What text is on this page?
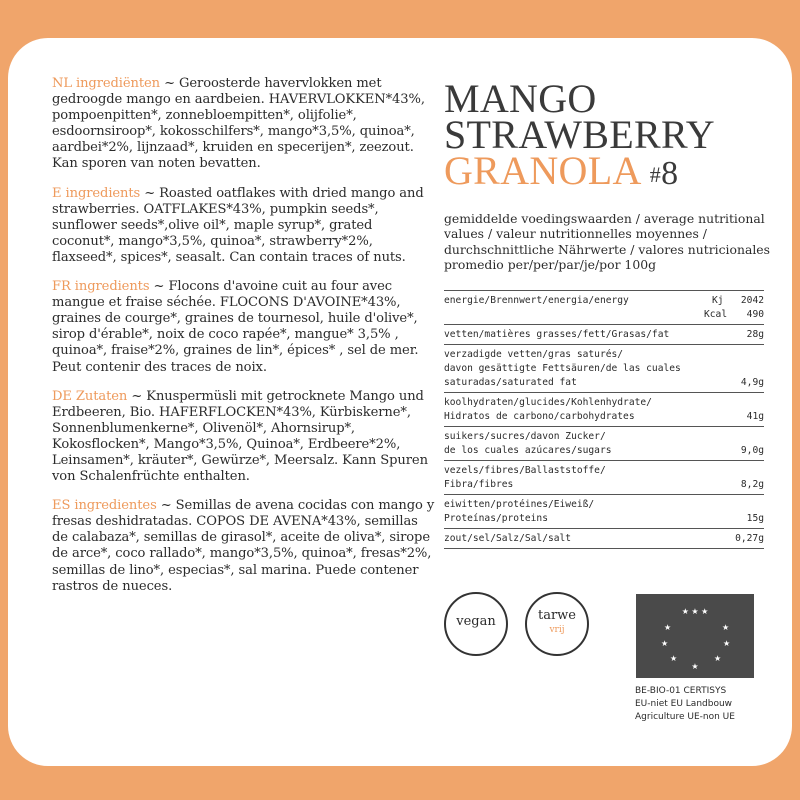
NL ingrediënten ~ Geroosterde havervlokken met gedroogde mango en aardbeien. HAVERVLOKKEN*43%, pompoenpitten*, zonnebloempitten*, olijfolie*, esdoornsiroop*, kokosschilfers*, mango*3,5%, quinoa*, aardbei*2%, lijnzaad*, kruiden en specerijen*, zeezout. Kan sporen van noten bevatten.

E ingredients ~ Roasted oatflakes with dried mango and strawberries. OATFLAKES*43%, pumpkin seeds*, sunflower seeds*,olive oil*, maple syrup*, grated coconut*, mango*3,5%, quinoa*, strawberry*2%, flaxseed*, spices*, seasalt. Can contain traces of nuts.

FR ingredients ~ Flocons d'avoine cuit au four avec mangue et fraise séchée. FLOCONS D'AVOINE*43%, graines de courge*, graines de tournesol, huile d'olive*, sirop d'érable*, noix de coco rapée*, mangue* 3,5% , quinoa*, fraise*2%, graines de lin*, épices* , sel de mer. Peut contenir des traces de noix.

DE Zutaten ~ Knuspermüsli mit getrocknete Mango und Erdbeeren, Bio. HAFERFLOCKEN*43%, Kürbiskerne*, Sonnenblumenkerne*, Olivenöl*, Ahornsirup*, Kokosflocken*, Mango*3,5%, Quinoa*, Erdbeere*2%, Leinsamen*, kräuter*, Gewürze*, Meersalz. Kann Spuren von Schalenfrüchte enthalten.

ES ingredientes ~ Semillas de avena cocidas con mango y fresas deshidratadas. COPOS DE AVENA*43%, semillas de calabaza*, semillas de girasol*, aceite de oliva*, sirope de arce*, coco rallado*, mango*3,5%, quinoa*, fresas*2%, semillas de lino*, especias*, sal marina. Puede contener rastros de nueces.

MANGO
STRAWBERRY
GRANOLA #8
gemiddelde voedingswaarden / average nutritional values / valeur nutritionnelles moyennes / durchschnittliche Nährwerte / valores nutricionales promedio per/per/par/je/por 100g
energie/Brennwert/energia/energy	Kj 2042
Kcal 490
vetten/matières grasses/fett/Grasas/fat	28g
verzadigde vetten/gras saturés/
davon gesättigte Fettsäuren/de las cuales
saturadas/saturated fat	4,9g
koolhydraten/glucides/Kohlenhydrate/
Hidratos de carbono/carbohydrates	41g
suikers/sucres/davon Zucker/
de los cuales azúcares/sugars	9,0g
vezels/fibres/Ballaststoffe/
Fibra/fibres	8,2g
eiwitten/protéines/Eiweiß/
Proteínas/proteins	15g
zout/sel/Salz/Sal/salt	0,27g
vegan	tarwe
vrij
★ ★ ★
★	★
★	★
★	★
★
BE-BIO-01 CERTISYS
EU-niet EU Landbouw
Agriculture UE-non UE
